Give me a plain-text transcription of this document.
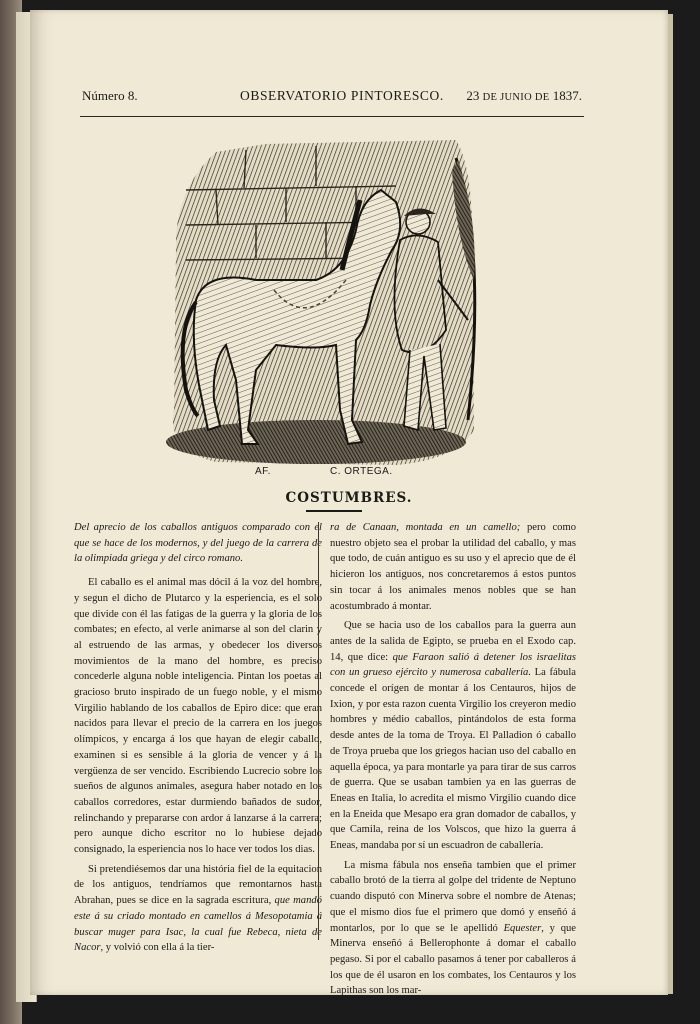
Número 8.	OBSERVATORIO PINTORESCO. 23 DE JUNIO DE 1837.
AF.	C. ORTEGA.
COSTUMBRES.

Del aprecio de los caballos antiguos comparado con el que se hace de los modernos, y del juego de la carrera de la olimpiada griega y del circo romano.

El caballo es el animal mas dócil á la voz del hombre, y segun el dicho de Plutarco y la esperiencia, es el solo que divide con él las fatigas de la guerra y la gloria de los combates; en efecto, al verle animarse al son del clarin y al estruendo de las armas, y obedecer los diversos movimientos de la mano del hombre, es preciso concederle alguna noble inteligencia. Pintan los poetas al gracioso bruto inspirado de un fuego noble, y el mismo Virgilio hablando de los caballos de Epiro dice: que eran nacidos para llevar el precio de la carrera en los juegos olímpicos, y encarga á los que hayan de elegir caballo, examinen si es sensible á la gloria de vencer y á la vergüenza de ser vencido. Escribiendo Lucrecio sobre los sueños de algunos animales, asegura haber notado en los caballos corredores, estar durmiendo bañados de sudor, relinchando y prepararse con ardor á lanzarse á la carrera; pero aunque dicho escritor no lo hubiese dejado consignado, la esperiencia nos lo hace ver todos los dias.

Si pretendiésemos dar una história fiel de la equitacion de los antiguos, tendríamos que remontarnos hasta Abrahan, pues se dice en la sagrada escritura, que mandó este á su criado montado en camellos á Mesopotamia á buscar muger para Isac, la cual fue Rebeca, nieta de Nacor, y volvió con ella á la tier-

ra de Canaan, montada en un camello; pero como nuestro objeto sea el probar la utilidad del caballo, y mas que todo, de cuán antiguo es su uso y el aprecio que de él hicieron los antiguos, nos concretaremos á estos puntos sin tocar á los animales menos nobles que se han acostumbrado á montar.

Que se hacia uso de los caballos para la guerra aun antes de la salida de Egipto, se prueba en el Exodo cap. 14, que dice: que Faraon salió á detener los israelitas con un grueso ejército y numerosa caballería. La fábula concede el orígen de montar á los Centauros, hijos de Ixion, y por esta razon cuenta Virgilio los creyeron medio hombres y médio caballos, pintándolos de esta forma desde antes de la toma de Troya. El Palladion ó caballo de Troya prueba que los griegos hacian uso del caballo en aquella época, ya para montarle ya para tirar de sus carros de guerra. Que se usaban tambien ya en las guerras de Eneas en Italia, lo acredita el mismo Virgilio cuando dice en la Eneida que Mesapo era gran domador de caballos, y que Camila, reina de los Volscos, que hizo la guerra á Eneas, mandaba por sí un escuadron de caballería.

La misma fábula nos enseña tambien que el primer caballo brotó de la tierra al golpe del tridente de Neptuno cuando disputó con Minerva sobre el nombre de Atenas; que el mismo dios fue el primero que domó y enseñó á montarlos, por lo que se le apellidó Equester, y que Minerva enseñó á Bellerophonte á domar el caballo pegaso. Si por el caballo pasamos á tener por caballeros á los que de él usaron en los combates, los Centauros y los Lapithas son los mar-
